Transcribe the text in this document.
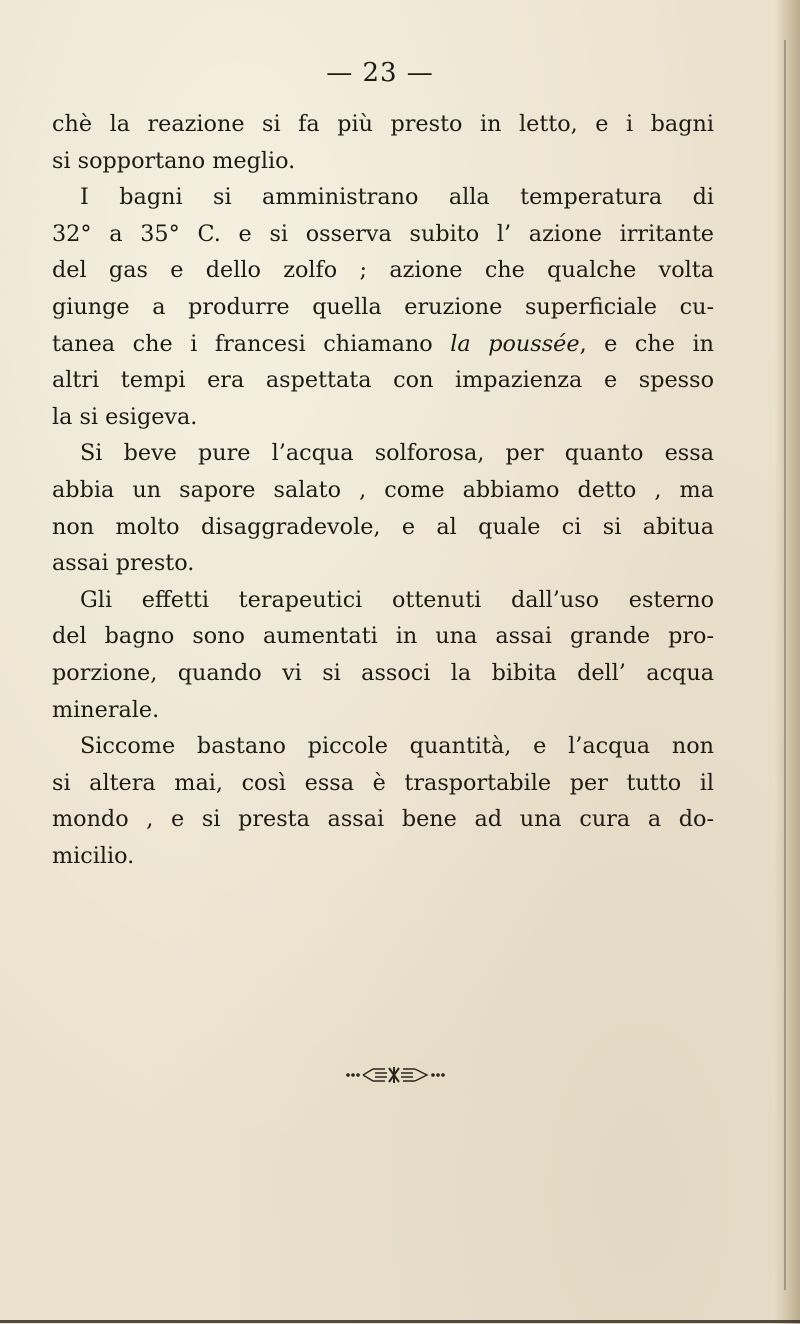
— 23 —
chè la reazione si fa più presto in letto, e i bagni
si sopportano meglio.
I bagni si amministrano alla temperatura di
32° a 35° C. e si osserva subito l’ azione irritante
del gas e dello zolfo ; azione che qualche volta
giunge a produrre quella eruzione superficiale cu-
tanea che i francesi chiamano la poussée, e che in
altri tempi era aspettata con impazienza e spesso
la si esigeva.
Si beve pure l’acqua solforosa, per quanto essa
abbia un sapore salato , come abbiamo detto , ma
non molto disaggradevole, e al quale ci si abitua
assai presto.
Gli effetti terapeutici ottenuti dall’uso esterno
del bagno sono aumentati in una assai grande pro-
porzione, quando vi si associ la bibita dell’ acqua
minerale.
Siccome bastano piccole quantità, e l’acqua non
si altera mai, così essa è trasportabile per tutto il
mondo , e si presta assai bene ad una cura a do-
micilio.
